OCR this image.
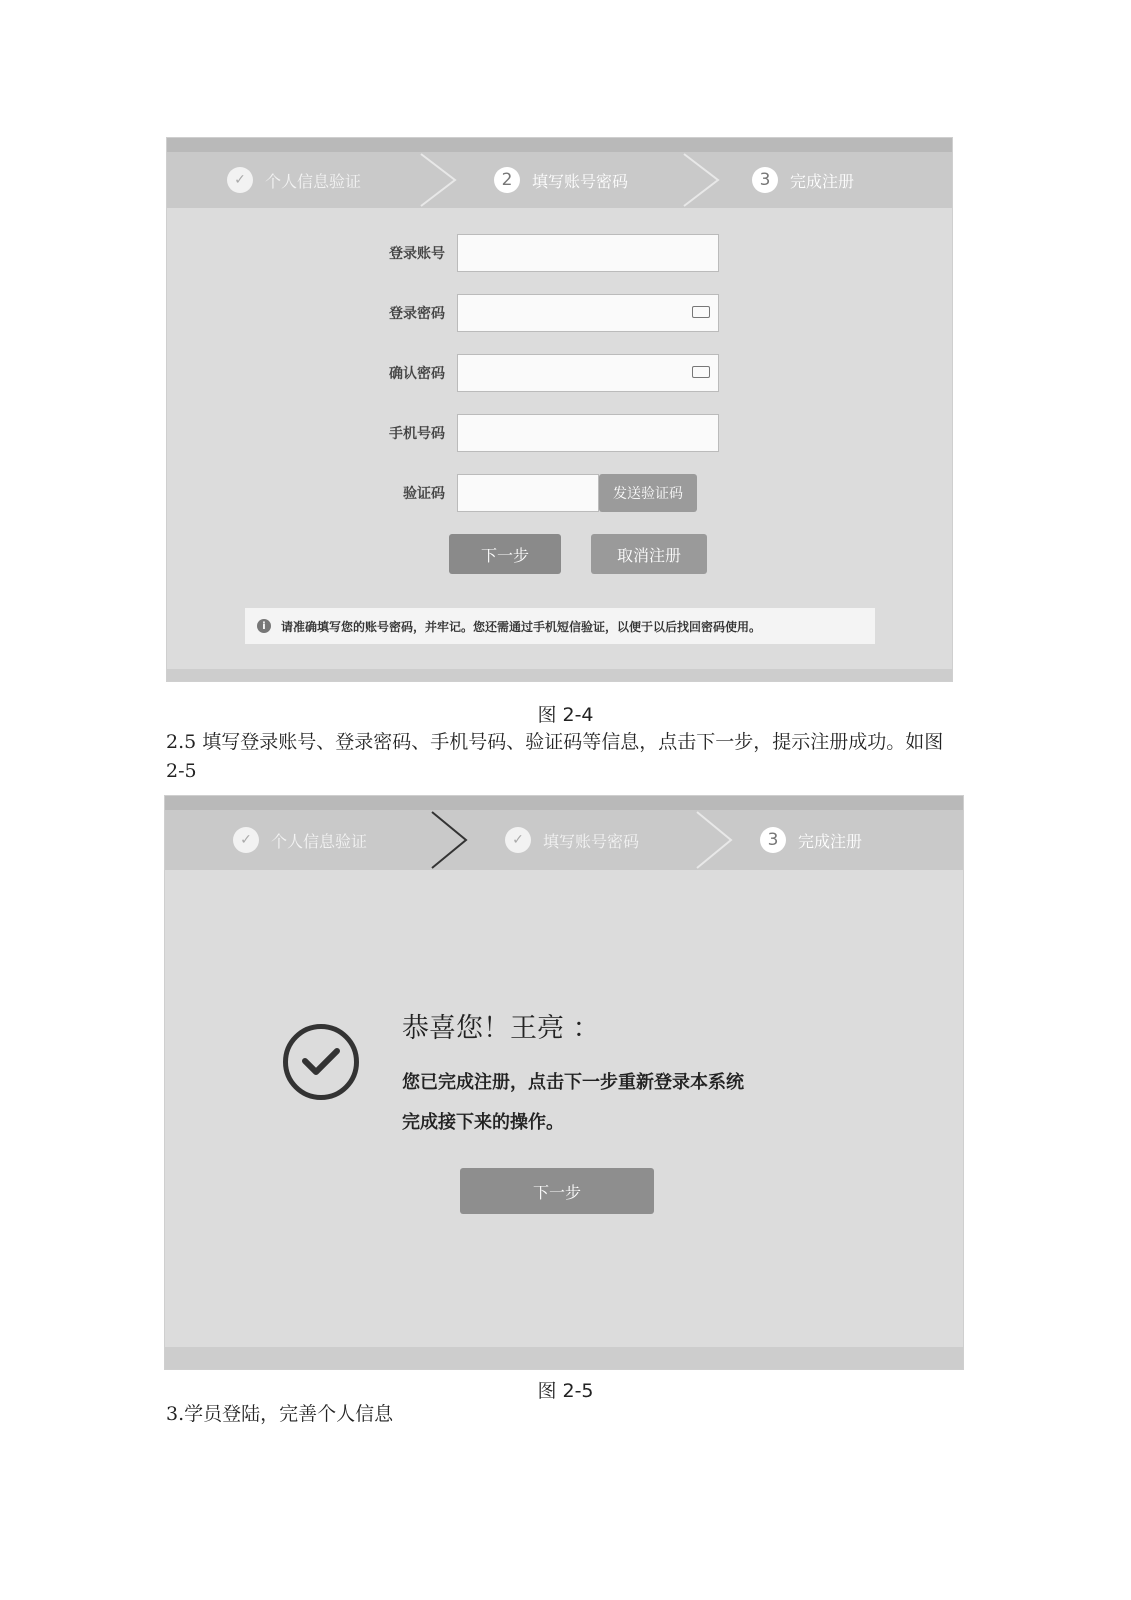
✓	个人信息验证	2	填写账号密码	3	完成注册
登录账号
登录密码
确认密码
手机号码
验证码	发送验证码
下一步	取消注册
i	请准确填写您的账号密码，并牢记。您还需通过手机短信验证，以便于以后找回密码使用。
图 2-4
2.5 填写登录账号、登录密码、手机号码、验证码等信息，点击下一步，提示注册成功。如图 2-5
✓	个人信息验证	✓	填写账号密码	3	完成注册
恭喜您！王亮 ：
您已完成注册，点击下一步重新登录本系统
完成接下来的操作。
下一步
图 2-5
3.学员登陆，完善个人信息
